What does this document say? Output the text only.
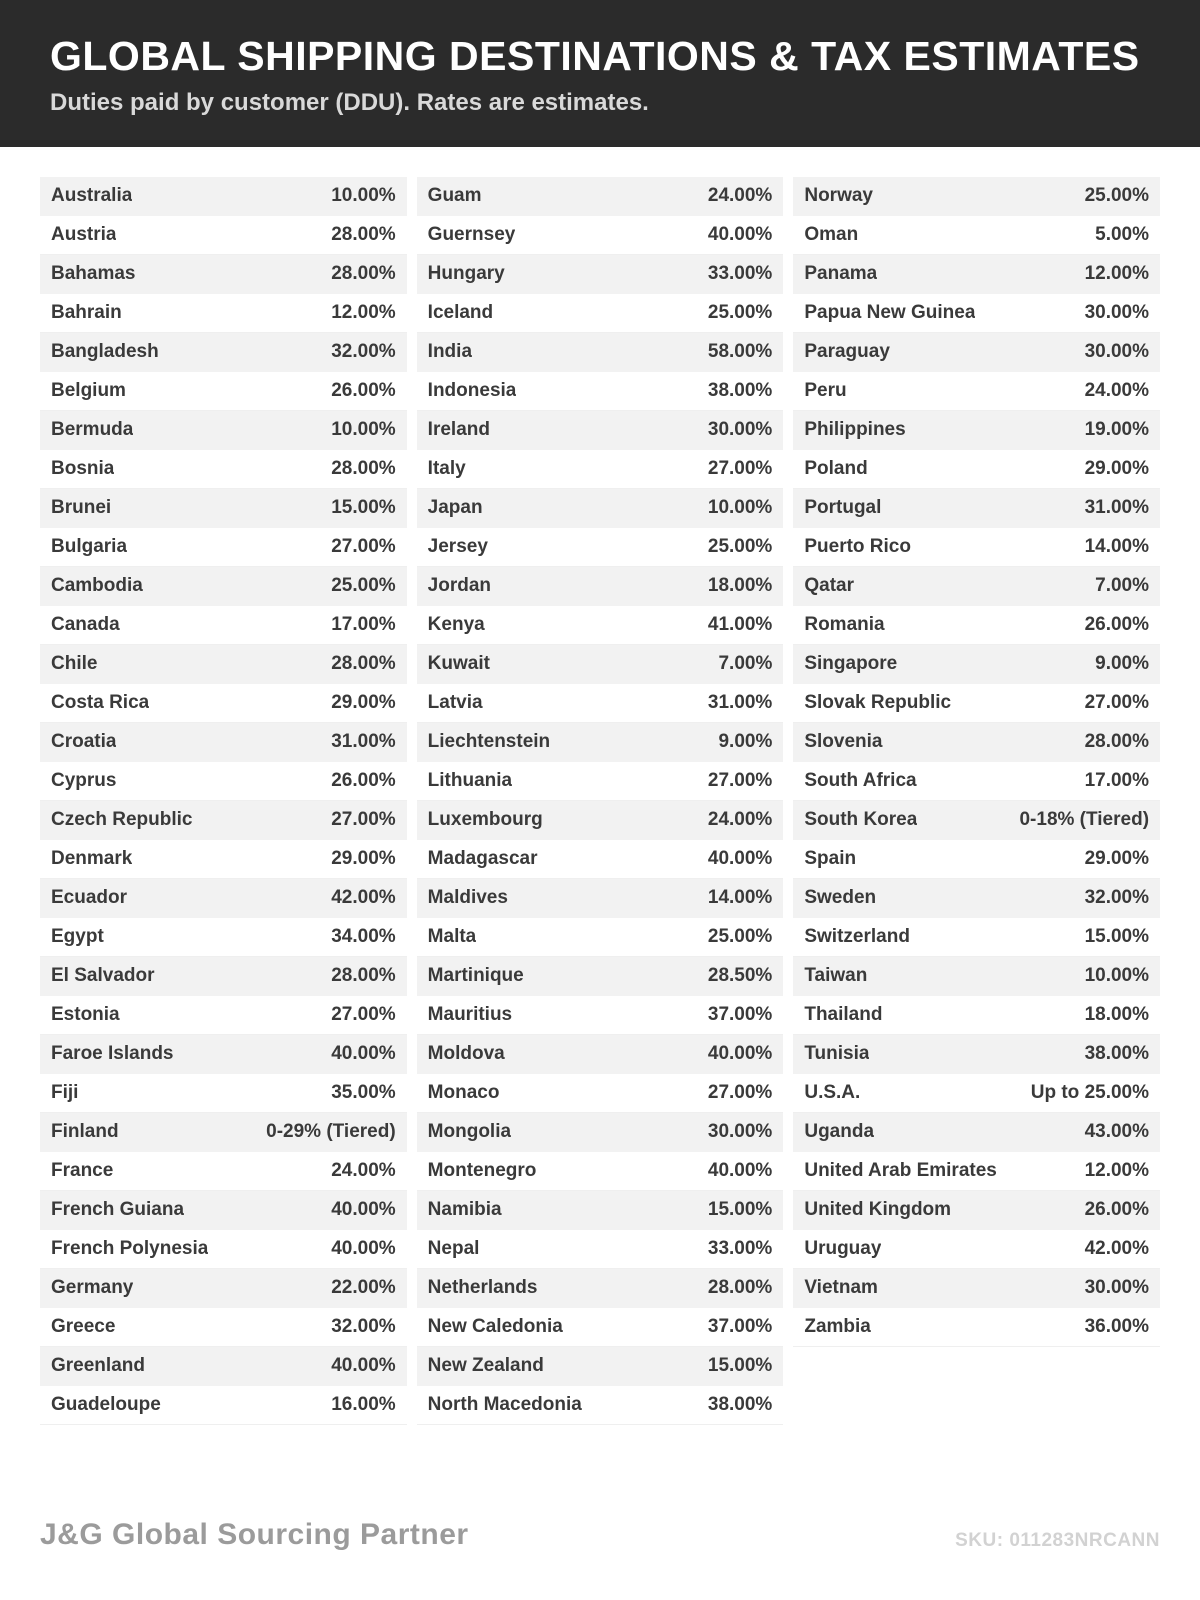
GLOBAL SHIPPING DESTINATIONS & TAX ESTIMATES
Duties paid by customer (DDU). Rates are estimates.
Australia	10.00%
Austria	28.00%
Bahamas	28.00%
Bahrain	12.00%
Bangladesh	32.00%
Belgium	26.00%
Bermuda	10.00%
Bosnia	28.00%
Brunei	15.00%
Bulgaria	27.00%
Cambodia	25.00%
Canada	17.00%
Chile	28.00%
Costa Rica	29.00%
Croatia	31.00%
Cyprus	26.00%
Czech Republic	27.00%
Denmark	29.00%
Ecuador	42.00%
Egypt	34.00%
El Salvador	28.00%
Estonia	27.00%
Faroe Islands	40.00%
Fiji	35.00%
Finland	0-29% (Tiered)
France	24.00%
French Guiana	40.00%
French Polynesia	40.00%
Germany	22.00%
Greece	32.00%
Greenland	40.00%
Guadeloupe	16.00%
Guam	24.00%
Guernsey	40.00%
Hungary	33.00%
Iceland	25.00%
India	58.00%
Indonesia	38.00%
Ireland	30.00%
Italy	27.00%
Japan	10.00%
Jersey	25.00%
Jordan	18.00%
Kenya	41.00%
Kuwait	7.00%
Latvia	31.00%
Liechtenstein	9.00%
Lithuania	27.00%
Luxembourg	24.00%
Madagascar	40.00%
Maldives	14.00%
Malta	25.00%
Martinique	28.50%
Mauritius	37.00%
Moldova	40.00%
Monaco	27.00%
Mongolia	30.00%
Montenegro	40.00%
Namibia	15.00%
Nepal	33.00%
Netherlands	28.00%
New Caledonia	37.00%
New Zealand	15.00%
North Macedonia	38.00%
Norway	25.00%
Oman	5.00%
Panama	12.00%
Papua New Guinea	30.00%
Paraguay	30.00%
Peru	24.00%
Philippines	19.00%
Poland	29.00%
Portugal	31.00%
Puerto Rico	14.00%
Qatar	7.00%
Romania	26.00%
Singapore	9.00%
Slovak Republic	27.00%
Slovenia	28.00%
South Africa	17.00%
South Korea	0-18% (Tiered)
Spain	29.00%
Sweden	32.00%
Switzerland	15.00%
Taiwan	10.00%
Thailand	18.00%
Tunisia	38.00%
U.S.A.	Up to 25.00%
Uganda	43.00%
United Arab Emirates	12.00%
United Kingdom	26.00%
Uruguay	42.00%
Vietnam	30.00%
Zambia	36.00%
J&G Global Sourcing Partner	SKU: 011283NRCANN
